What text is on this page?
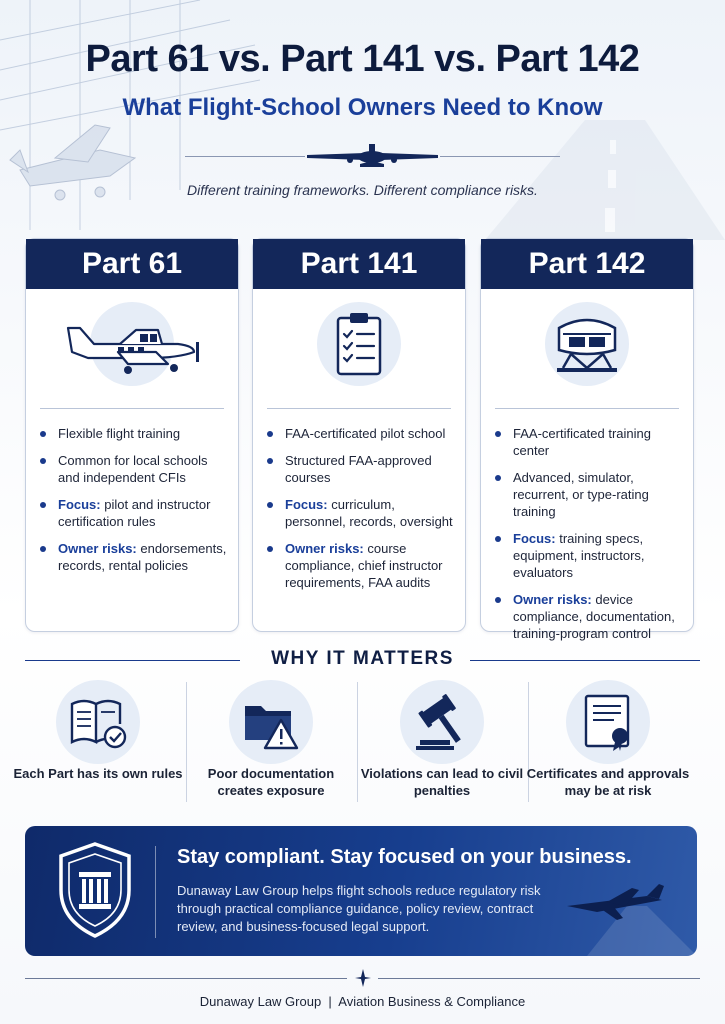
Part 61 vs. Part 141 vs. Part 142
What Flight-School Owners Need to Know
Different training frameworks. Different compliance risks.
Part 61
Flexible flight training
Common for local schools and independent CFIs
Focus: pilot and instructor certification rules
Owner risks: endorsements, records, rental policies
Part 141
FAA-certificated pilot school
Structured FAA-approved courses
Focus: curriculum, personnel, records, oversight
Owner risks: course compliance, chief instructor requirements, FAA audits
Part 142
FAA-certificated training center
Advanced, simulator, recurrent, or type-rating training
Focus: training specs, equipment, instructors, evaluators
Owner risks: device compliance, documentation, training-program control
WHY IT MATTERS
Each Part has its own rules	Poor documentation creates exposure
Violations can lead to civil penalties
Certificates and approvals may be at risk
Stay compliant. Stay focused on your business.
Dunaway Law Group helps flight schools reduce regulatory risk through practical compliance guidance, policy review, contract review, and business-focused legal support.
Dunaway Law Group  |  Aviation Business & Compliance
